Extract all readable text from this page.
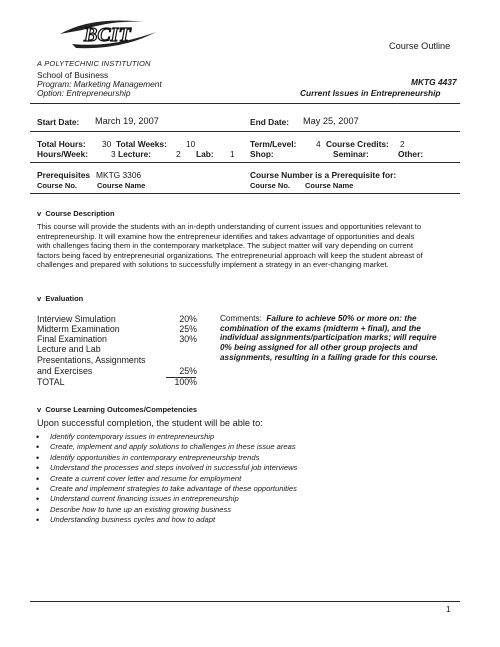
BCIT
A POLYTECHNIC INSTITUTION
Course Outline
School of Business
Program: Marketing Management
Option: Entrepreneurship
MKTG 4437
Current Issues in Entrepreneurship
Start Date: March 19, 2007	End Date: May 25, 2007
Total Hours: 30 Total Weeks: 10	Term/Level: 4 Course Credits: 2
Hours/Week:	3 Lecture:	2 Lab: 1 Shop:	Seminar:	Other:
Prerequisites MKTG 3306
Course No.	Course Name
Course Number is a Prerequisite for:
Course No. Course Name
v  Course Description
This course will provide the students with an in-depth understanding of current issues and opportunities relevant to
entrepreneurship. It will examine how the entrepreneur identifies and takes advantage of opportunities and deals
with challenges facing them in the contemporary marketplace. The subject matter will vary depending on current
factors being faced by entrepreneurial organizations. The entrepreneurial approach will keep the student abreast of
challenges and prepared with solutions to successfully implement a strategy in an ever-changing market.
v  Evaluation
Interview Simulation	20%
Midterm Examination	25%
Final Examination	30%
Lecture and Lab
Presentations, Assignments
and Exercises	25%
TOTAL	100%
Comments: Failure to achieve 50% or more on: the combination of the exams (midterm + final), and the individual assignments/participation marks; will require 0% being assigned for all other group projects and assignments, resulting in a failing grade for this course.
v  Course Learning Outcomes/Competencies
Upon successful completion, the student will be able to:
• Identify contemporary issues in entrepreneurship
• Create, implement and apply solutions to challenges in these issue areas
• Identify opportunities in contemporary entrepreneurship trends
• Understand the processes and steps involved in successful job interviews
• Create a current cover letter and resume for employment
• Create and implement strategies to take advantage of these opportunities
• Understand current financing issues in entrepreneurship
• Describe how to tune up an existing growing business
• Understanding business cycles and how to adapt
1
